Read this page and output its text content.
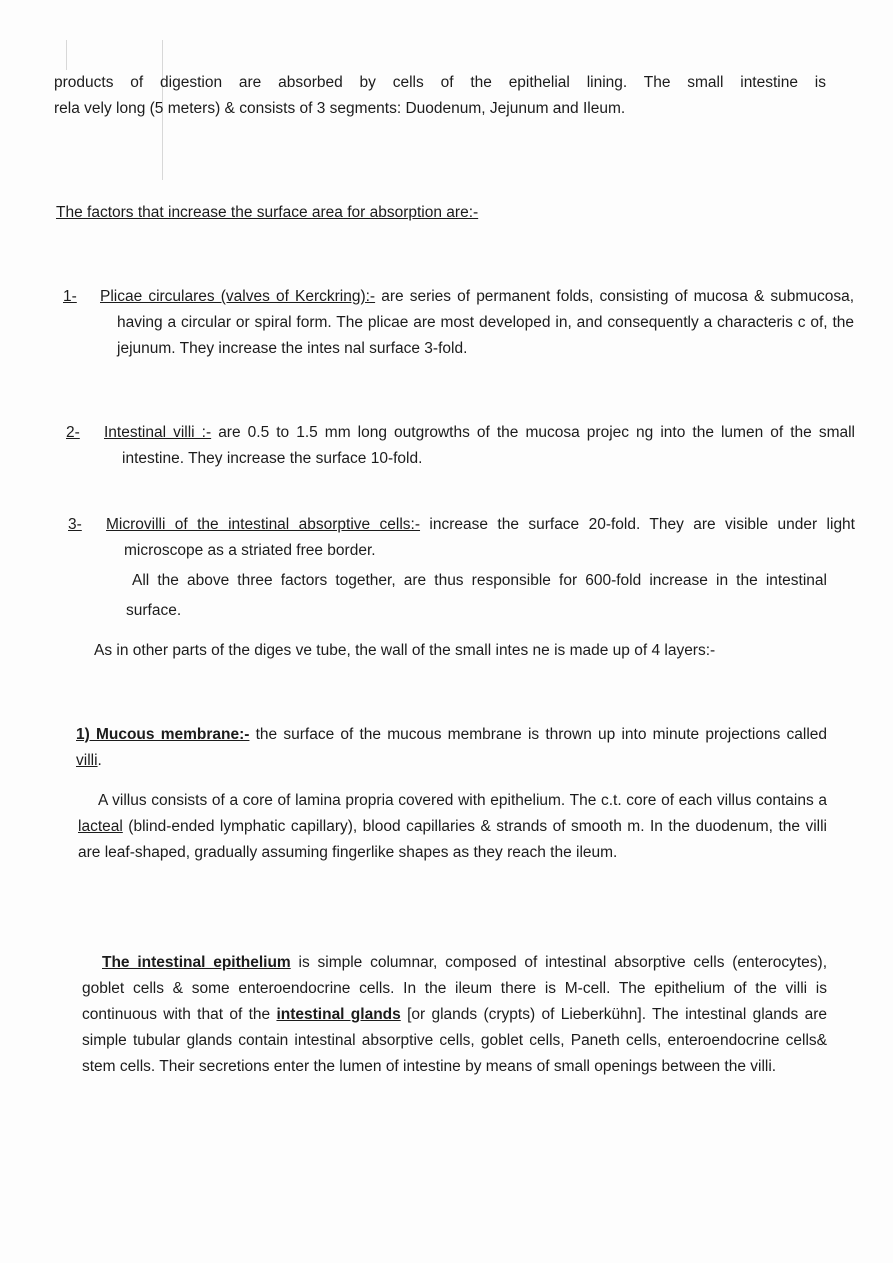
products of digestion are absorbed by cells of the epithelial lining. The small intestine is
rela vely long (5 meters) & consists of 3 segments: Duodenum, Jejunum and Ileum.

The factors that increase the surface area for absorption are:-

1- Plicae circulares (valves of Kerckring):- are series of permanent folds, consisting of mucosa & submucosa, having a circular or spiral form. The plicae are most developed in, and consequently a characteris c of, the jejunum. They increase the intes nal surface 3-fold.

2- Intestinal villi :- are 0.5 to 1.5 mm long outgrowths of the mucosa projec ng into the lumen of the small intestine. They increase the surface 10-fold.

3- Microvilli of the intestinal absorptive cells:- increase the surface 20-fold. They are visible under light microscope as a striated free border.

All the above three factors together, are thus responsible for 600-fold increase in the intestinal surface.

As in other parts of the diges ve tube, the wall of the small intes ne is made up of 4 layers:-

1) Mucous membrane:- the surface of the mucous membrane is thrown up into minute projections called villi.

A villus consists of a core of lamina propria covered with epithelium. The c.t. core of each villus contains a lacteal (blind-ended lymphatic capillary), blood capillaries & strands of smooth m. In the duodenum, the villi are leaf-shaped, gradually assuming fingerlike shapes as they reach the ileum.

The intestinal epithelium is simple columnar, composed of intestinal absorptive cells (enterocytes), goblet cells & some enteroendocrine cells. In the ileum there is M-cell. The epithelium of the villi is continuous with that of the intestinal glands [or glands (crypts) of Lieberkühn]. The intestinal glands are simple tubular glands contain intestinal absorptive cells, goblet cells, Paneth cells, enteroendocrine cells& stem cells. Their secretions enter the lumen of intestine by means of small openings between the villi.
